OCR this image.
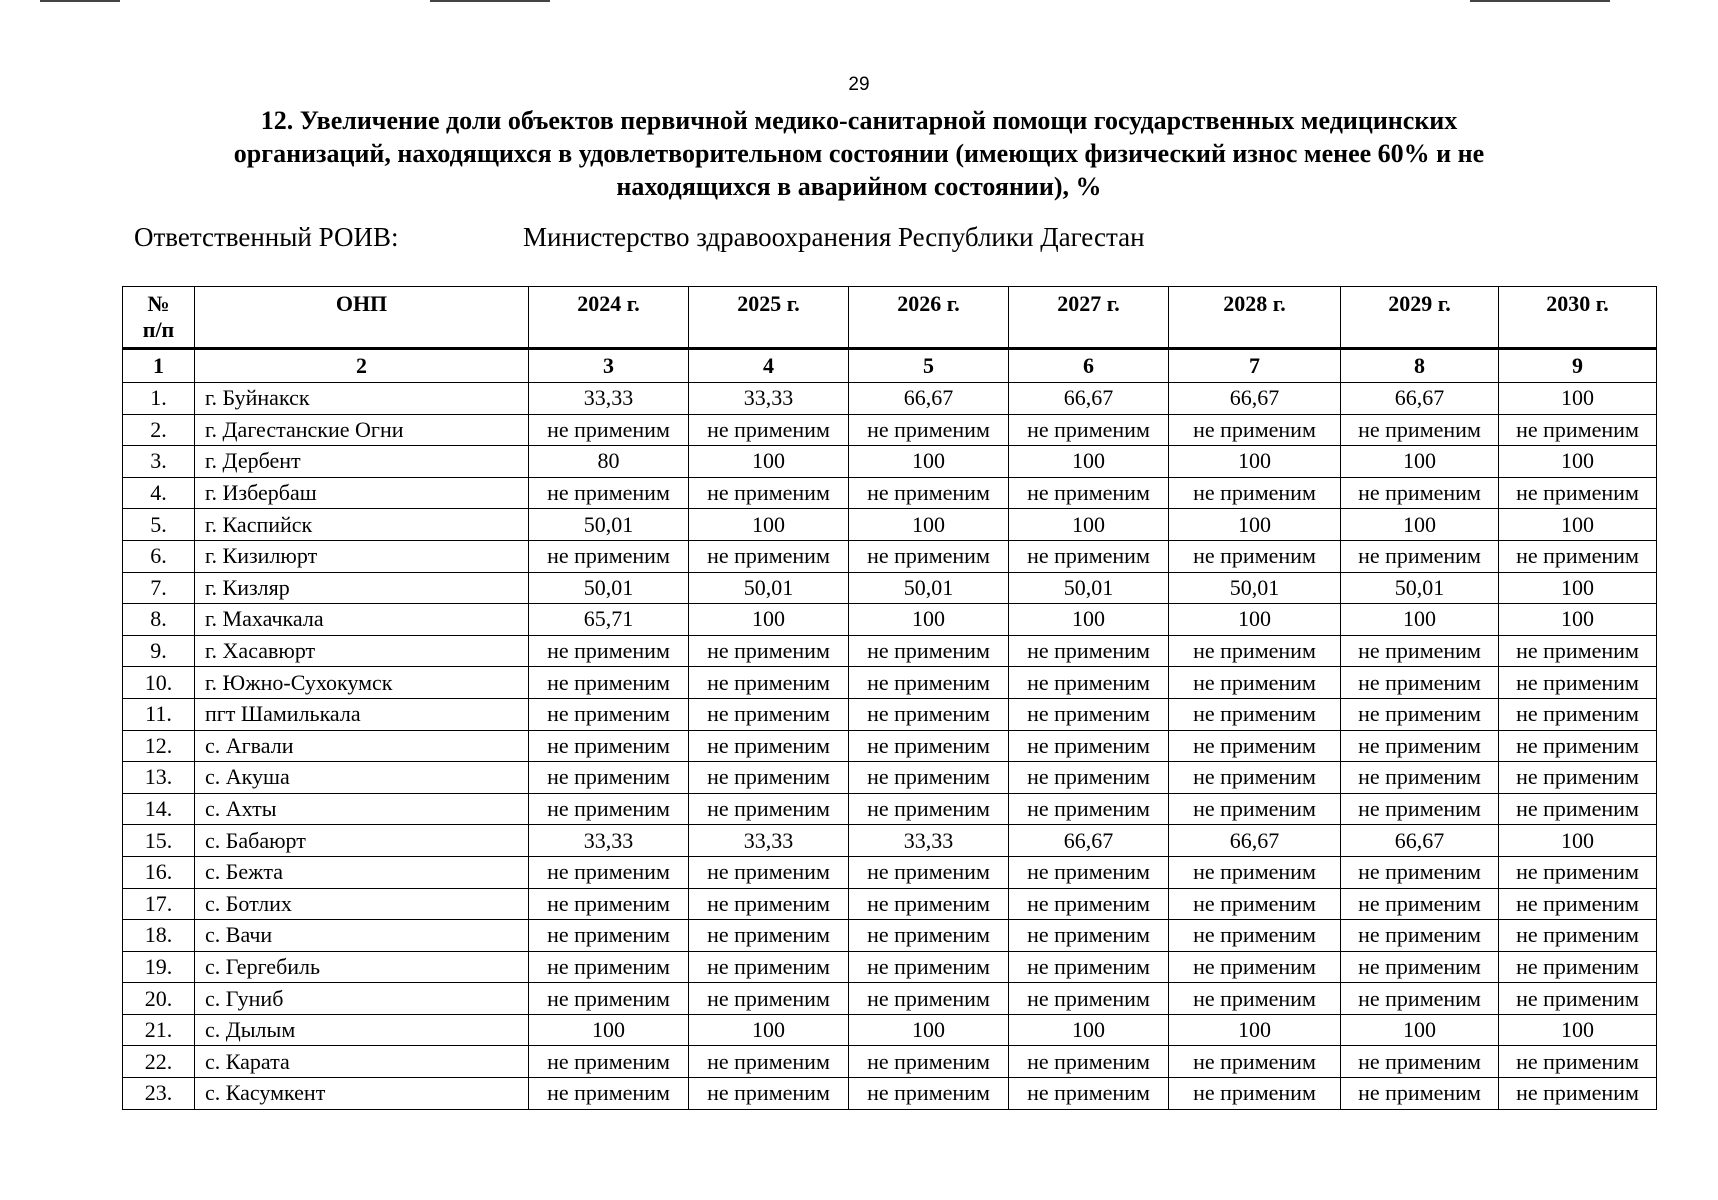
29
12. Увеличение доли объектов первичной медико-санитарной помощи государственных медицинских
организаций, находящихся в удовлетворительном состоянии (имеющих физический износ менее 60% и не
находящихся в аварийном состоянии), %
Ответственный РОИВ:	Министерство здравоохранения Республики Дагестан
№
п/п	ОНП	2024 г.	2025 г.	2026 г.	2027 г.	2028 г.	2029 г.	2030 г.
1	2	3	4	5	6	7	8	9
1.	г. Буйнакск	33,33	33,33	66,67	66,67	66,67	66,67	100
2.	г. Дагестанские Огни	не применим	не применим	не применим	не применим	не применим	не применим	не применим
3.	г. Дербент	80	100	100	100	100	100	100
4.	г. Избербаш	не применим	не применим	не применим	не применим	не применим	не применим	не применим
5.	г. Каспийск	50,01	100	100	100	100	100	100
6.	г. Кизилюрт	не применим	не применим	не применим	не применим	не применим	не применим	не применим
7.	г. Кизляр	50,01	50,01	50,01	50,01	50,01	50,01	100
8.	г. Махачкала	65,71	100	100	100	100	100	100
9.	г. Хасавюрт	не применим	не применим	не применим	не применим	не применим	не применим	не применим
10.	г. Южно-Сухокумск	не применим	не применим	не применим	не применим	не применим	не применим	не применим
11.	пгт Шамилькала	не применим	не применим	не применим	не применим	не применим	не применим	не применим
12.	с. Агвали	не применим	не применим	не применим	не применим	не применим	не применим	не применим
13.	с. Акуша	не применим	не применим	не применим	не применим	не применим	не применим	не применим
14.	с. Ахты	не применим	не применим	не применим	не применим	не применим	не применим	не применим
15.	с. Бабаюрт	33,33	33,33	33,33	66,67	66,67	66,67	100
16.	с. Бежта	не применим	не применим	не применим	не применим	не применим	не применим	не применим
17.	с. Ботлих	не применим	не применим	не применим	не применим	не применим	не применим	не применим
18.	с. Вачи	не применим	не применим	не применим	не применим	не применим	не применим	не применим
19.	с. Гергебиль	не применим	не применим	не применим	не применим	не применим	не применим	не применим
20.	с. Гуниб	не применим	не применим	не применим	не применим	не применим	не применим	не применим
21.	с. Дылым	100	100	100	100	100	100	100
22.	с. Карата	не применим	не применим	не применим	не применим	не применим	не применим	не применим
23.	с. Касумкент	не применим	не применим	не применим	не применим	не применим	не применим	не применим
